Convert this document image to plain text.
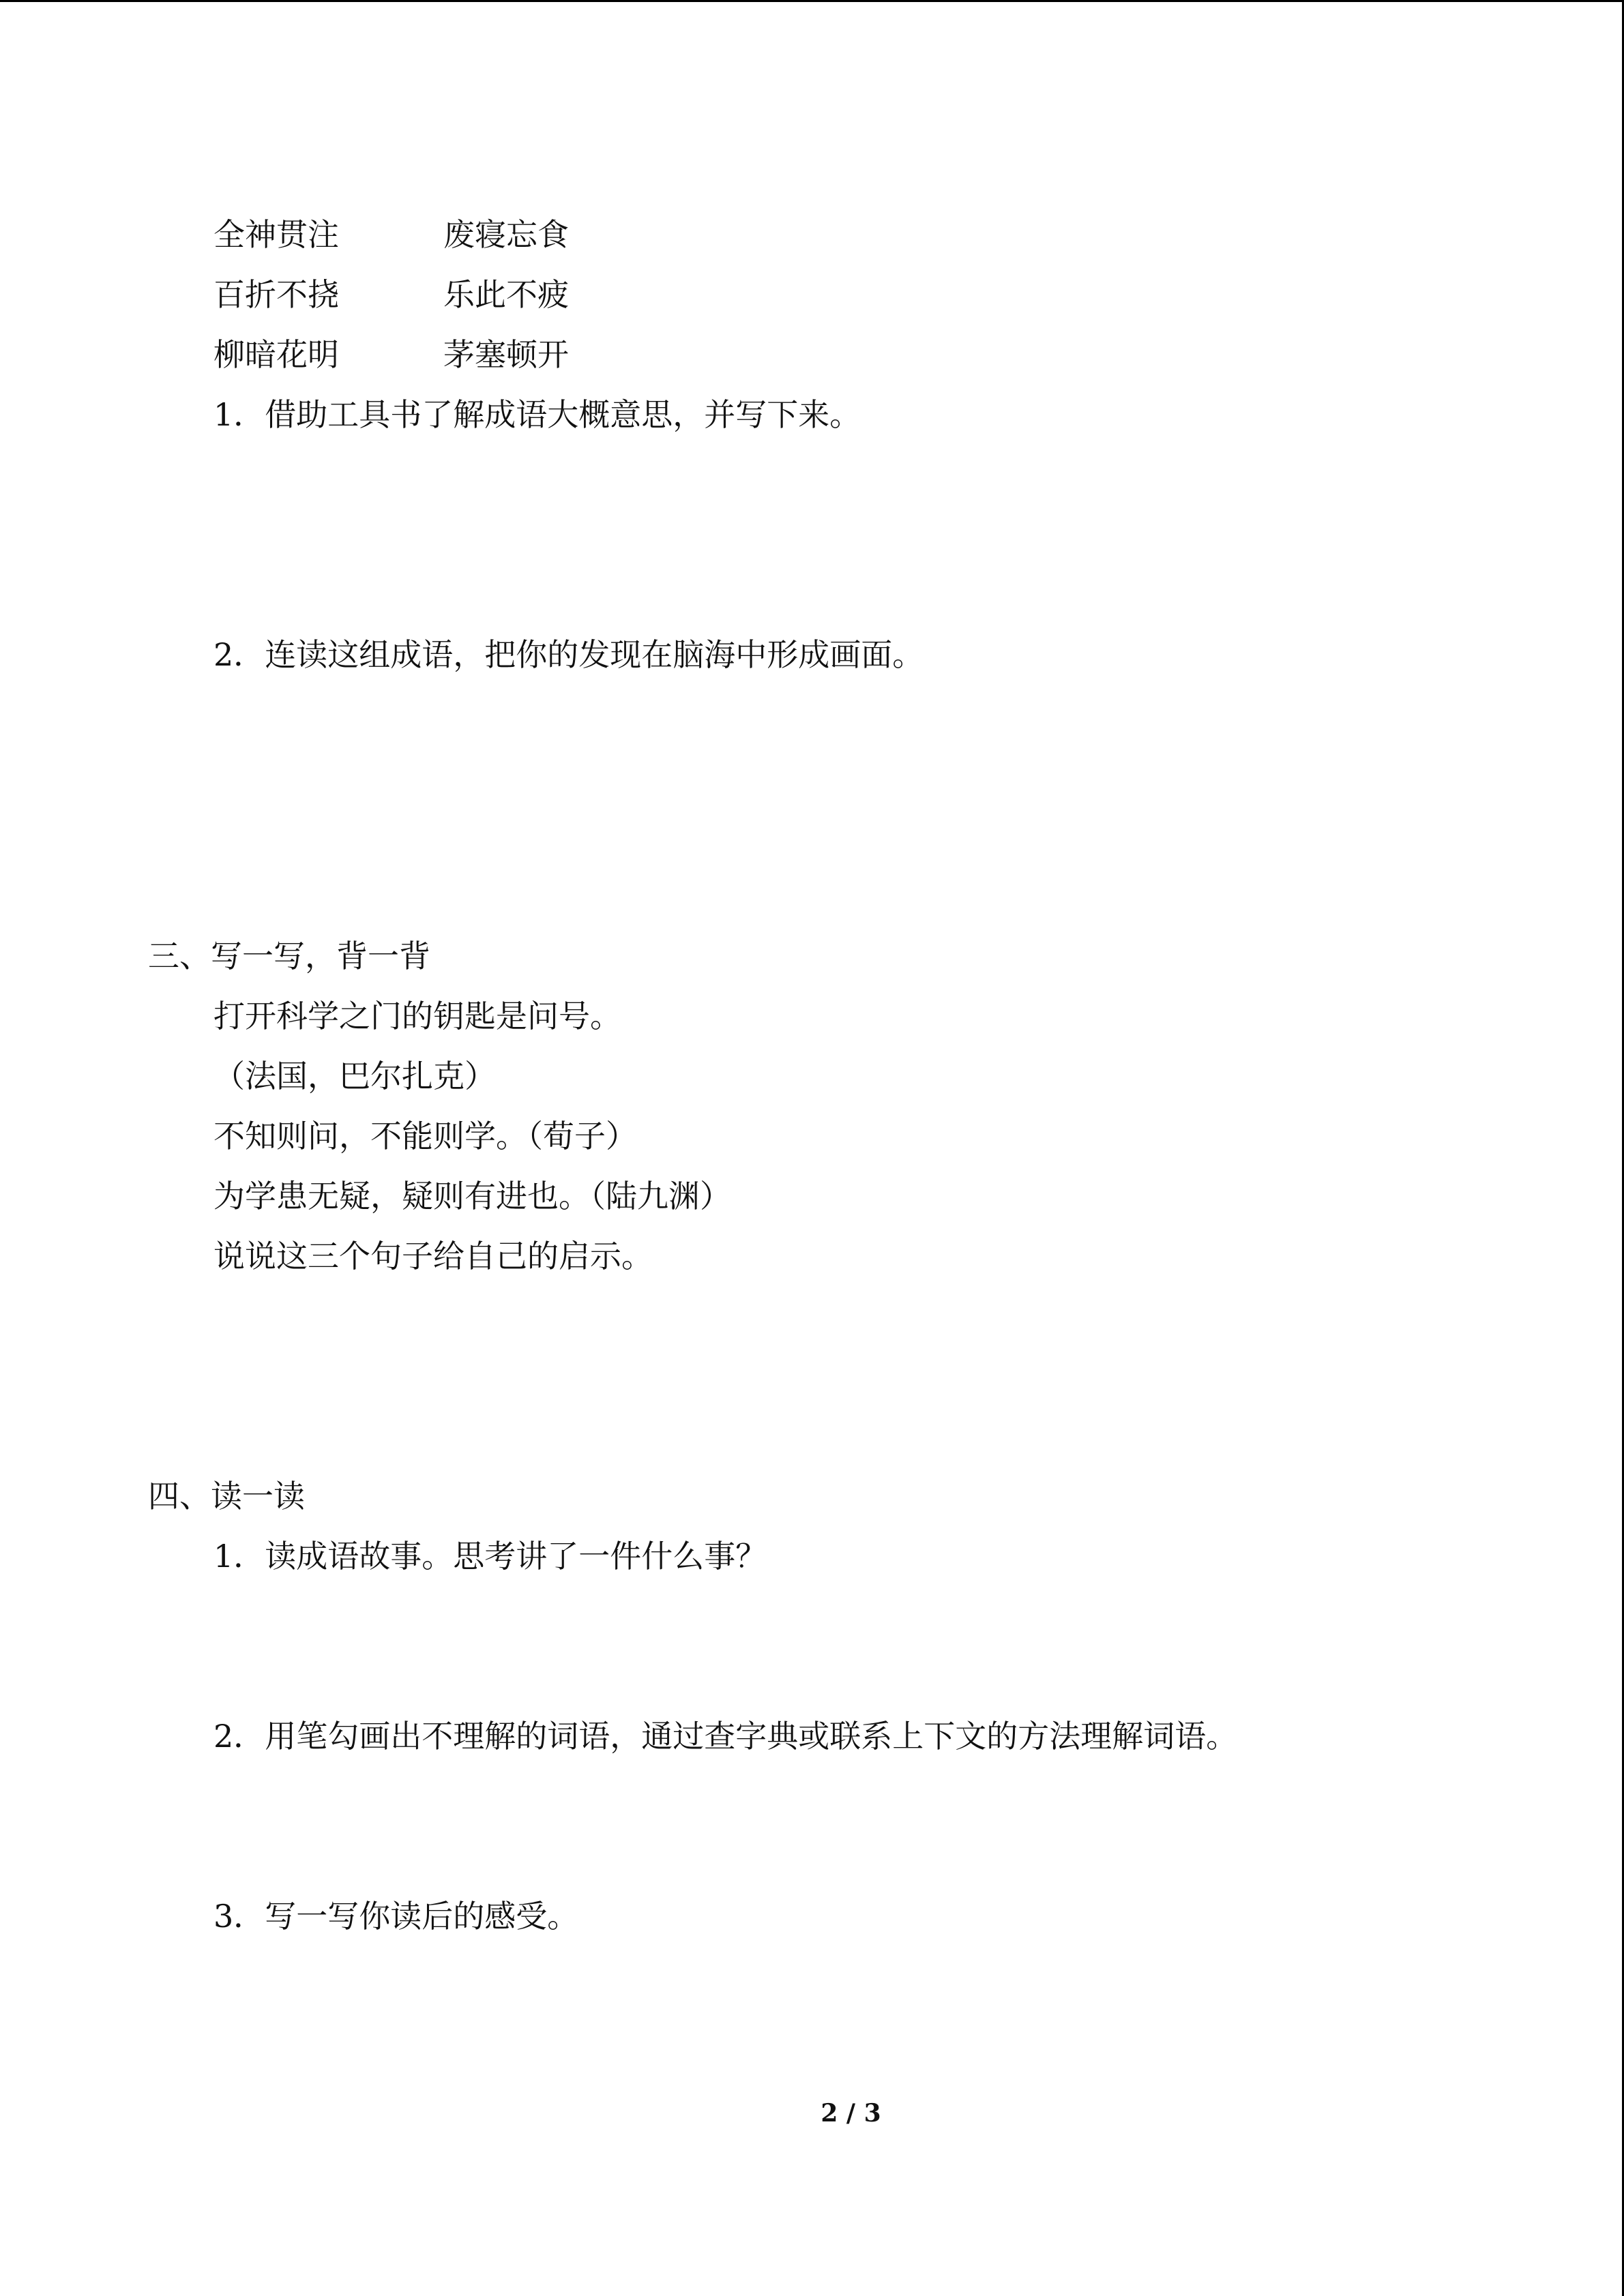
全神贯注	废寝忘食
百折不挠	乐此不疲
柳暗花明	茅塞顿开
1．借助工具书了解成语大概意思，并写下来。
2．连读这组成语，把你的发现在脑海中形成画面。
三、写一写，背一背
打开科学之门的钥匙是问号。
（法国，巴尔扎克）
不知则问，不能则学。（荀子）
为学患无疑，疑则有进也。（陆九渊）
说说这三个句子给自己的启示。
四、读一读
1．读成语故事。思考讲了一件什么事？
2．用笔勾画出不理解的词语，通过查字典或联系上下文的方法理解词语。
3．写一写你读后的感受。
2 / 3
